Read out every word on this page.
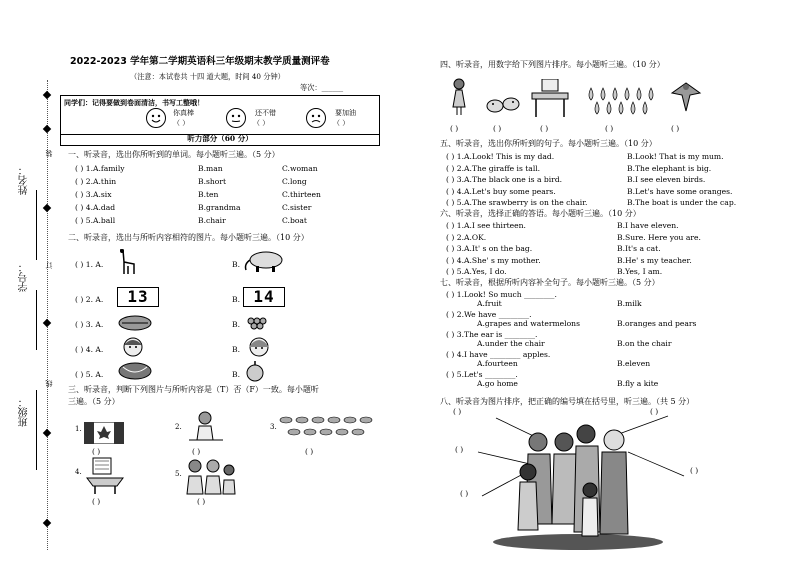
姓名：
学号：
班级：
装
订
线
2022-2023 学年第二学期英语科三年级期末教学质量测评卷
（注意：本试卷共 十四 道大题，时间 40 分钟）
等次：______
同学们：记得要做到卷面清洁，书写工整哦！
你真棒
（ ）
还不错
（ ）
要加油
（ ）
听力部分（60 分）
一、听录音，选出你所听到的单词。每小题听三遍。（5 分）
( ) 1.A.family	B.man	C.woman
( ) 2.A.thin	B.short	C.long
( ) 3.A.six	B.ten	C.thirteen
( ) 4.A.dad	B.grandma	C.sister
( ) 5.A.ball	B.chair	C.boat
二、听录音，选出与所听内容相符的图片。每小题听三遍。（10 分）
( ) 1. A.	B.
( ) 2. A.	13	B. 14
( ) 3. A.	B.
( ) 4. A.	B.
( ) 5. A.	B.
三、听录音，判断下列图片与所听内容是（T）否（F）一致。每小题听
三遍。（5 分）
1.
( )
2.
( )
3.
( )
4.
( )
5.
( )
四、听录音，用数字给下列图片排序。每小题听三遍。（10 分）
( )	( )	( )	( )	( )
五、听录音，选出你所听到的句子。每小题听三遍。（10 分）
( ) 1.A.Look! This is my dad.	B.Look! That is my mum.
( ) 2.A.The giraffe is tall.	B.The elephant is big.
( ) 3.A.The black one is a bird.	B.I see eleven birds.
( ) 4.A.Let's buy some pears.	B.Let's have some oranges.
( ) 5.A.The srawberry is on the chair.	B.The boat is under the cap.
六、听录音，选择正确的答语。每小题听三遍。（10 分）
( ) 1.A.I see thirteen.	B.I have eleven.
( ) 2.A.OK.	B.Sure. Here you are.
( ) 3.A.It' s on the bag.	B.It's a cat.
( ) 4.A.She' s my mother.	B.He' s my teacher.
( ) 5.A.Yes, I do.	B.Yes, I am.
七、听录音，根据所听内容补全句子。每小题听三遍。（5 分）
( ) 1.Look! So much ________.
A.fruit	B.milk
( ) 2.We have ________.
A.grapes and watermelons	B.oranges and pears
( ) 3.The ear is ________.
A.under the chair	B.on the chair
( ) 4.I have ________ apples.
A.fourteen	B.eleven
( ) 5.Let's ________.
A.go home	B.fly a kite
八、听录音为图片排序，把正确的编号填在括号里，听三遍。（共 5 分）
( )	( )
( )
( )
( )
